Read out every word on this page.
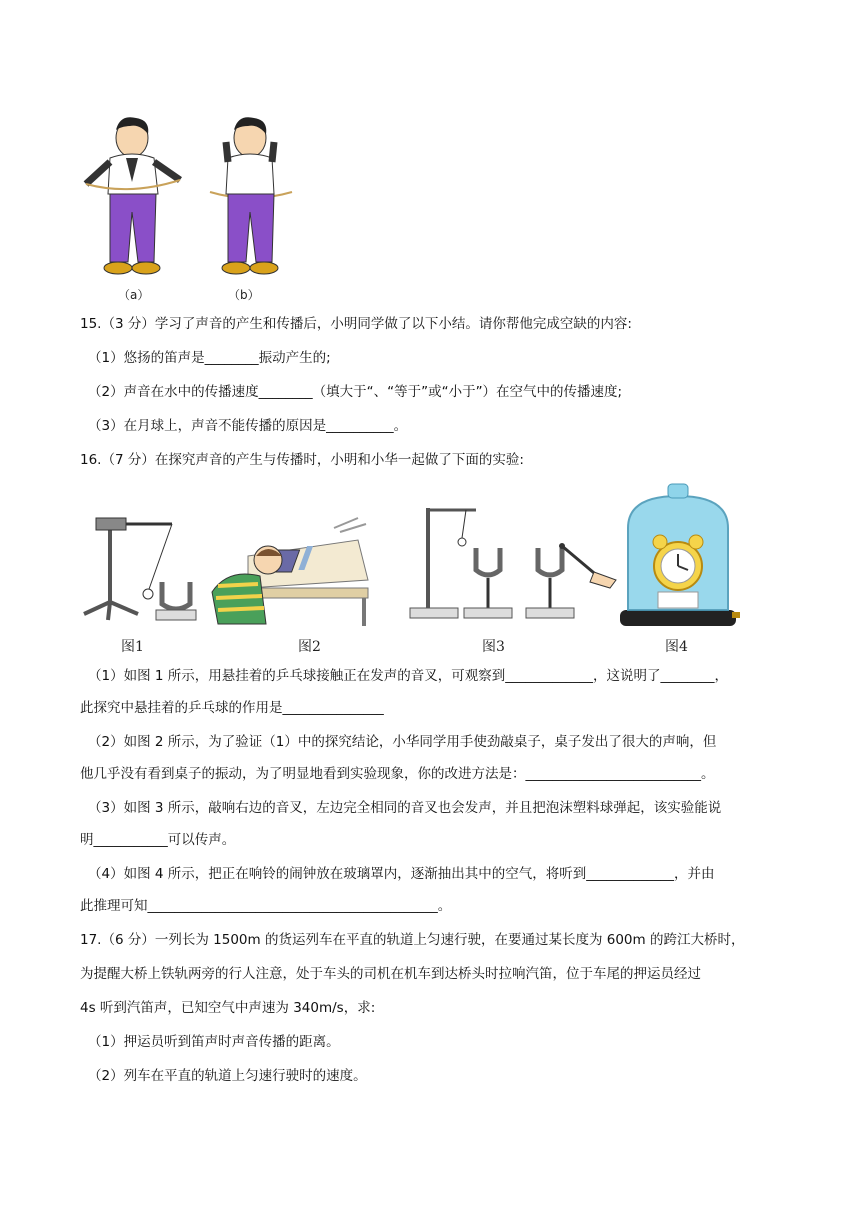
（a）	（b）
15.（3 分）学习了声音的产生和传播后，小明同学做了以下小结。请你帮他完成空缺的内容:
（1）悠扬的笛声是________振动产生的;
（2）声音在水中的传播速度________（填大于“、“等于”或“小于”）在空气中的传播速度;
（3）在月球上，声音不能传播的原因是__________。
16.（7 分）在探究声音的产生与传播时，小明和小华一起做了下面的实验:
图1	图2	图3	图4
（1）如图 1 所示，用悬挂着的乒乓球接触正在发声的音叉，可观察到_____________，这说明了________，
此探究中悬挂着的乒乓球的作用是_______________
（2）如图 2 所示，为了验证（1）中的探究结论，小华同学用手使劲敲桌子，桌子发出了很大的声响，但
他几乎没有看到桌子的振动，为了明显地看到实验现象，你的改进方法是：__________________________。
（3）如图 3 所示，敲响右边的音叉，左边完全相同的音叉也会发声，并且把泡沫塑料球弹起，该实验能说
明___________可以传声。
（4）如图 4 所示，把正在响铃的闹钟放在玻璃罩内，逐渐抽出其中的空气，将听到_____________，并由
此推理可知___________________________________________。
17.（6 分）一列长为 1500m 的货运列车在平直的轨道上匀速行驶，在要通过某长度为 600m 的跨江大桥时，
为提醒大桥上铁轨两旁的行人注意，处于车头的司机在机车到达桥头时拉响汽笛，位于车尾的押运员经过
4s 听到汽笛声，已知空气中声速为 340m/s，求:
（1）押运员听到笛声时声音传播的距离。
（2）列车在平直的轨道上匀速行驶时的速度。
